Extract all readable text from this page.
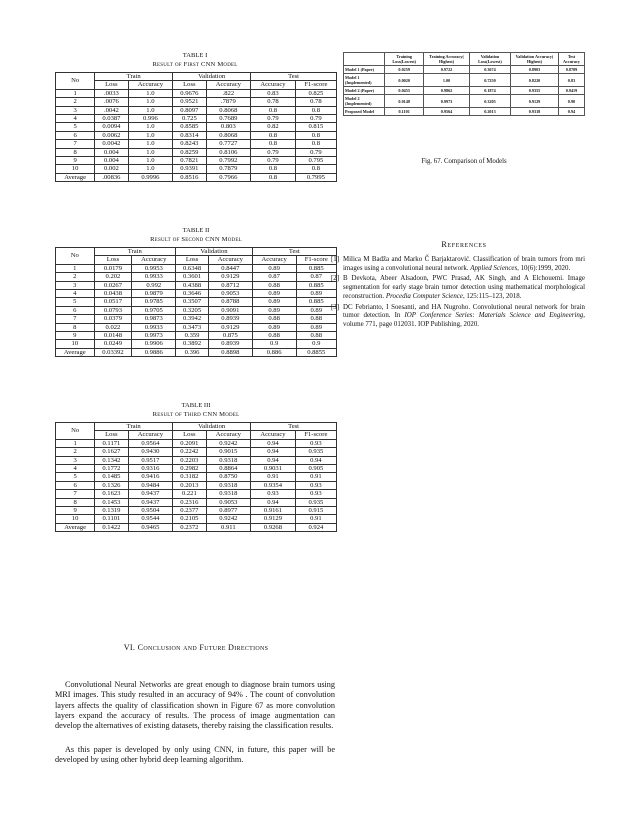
TABLE I
Result of First CNN Model
No	Train		Validation		Test	
	Loss	Accuracy	Loss	Accuracy	Accuracy	F1-score
1	.0033	1.0	0.9676	.822	0.83	0.825
2	.0076	1.0	0.9521	.7879	0.78	0.78
3	.0042	1.0	0.8097	0.8068	0.8	0.8
4	0.0387	0.996	0.725	0.7689	0.79	0.79
5	0.0094	1.0	0.8585	0.803	0.82	0.815
6	0.0062	1.0	0.8314	0.8068	0.8	0.8
7	0.0042	1.0	0.8243	0.7727	0.8	0.8
8	0.004	1.0	0.8259	0.8106	0.79	0.79
9	0.004	1.0	0.7821	0.7992	0.79	0.795
10	0.002	1.0	0.9391	0.7879	0.8	0.8
Average	.00836	0.9996	0.8516	0.7966	0.8	0.7995
TABLE II
Result of Second CNN Model
No	Train		Validation		Test	
	Loss	Accuracy	Loss	Accuracy	Accuracy	F1-score
1	0.0179	0.9953	0.6348	0.8447	0.89	0.885
2	0.202	0.9933	0.3601	0.9129	0.87	0.87
3	0.0267	0.992	0.4388	0.8712	0.88	0.885
4	0.0438	0.9879	0.3646	0.9053	0.89	0.89
5	0.0517	0.9785	0.3507	0.8788	0.89	0.885
6	0.0793	0.9705	0.3205	0.9091	0.89	0.89
7	0.0379	0.9873	0.3942	0.8939	0.88	0.88
8	0.022	0.9933	0.3473	0.9129	0.89	0.89
9	0.0148	0.9973	0.359	0.875	0.88	0.88
10	0.0249	0.9906	0.3892	0.8939	0.9	0.9
Average	0.03392	0.9886	0.396	0.8898	0.886	0.8855
TABLE III
Result of Third CNN Model
No	Train		Validation		Test	
	Loss	Accuracy	Loss	Accuracy	Accuracy	F1-score
1	0.1171	0.9564	0.2091	0.9242	0.94	0.93
2	0.1627	0.9430	0.2242	0.9015	0.94	0.935
3	0.1342	0.9517	0.2203	0.9318	0.94	0.94
4	0.1772	0.9316	0.2982	0.8864	0.9031	0.905
5	0.1485	0.9416	0.3182	0.8750	0.91	0.91
6	0.1326	0.9484	0.2013	0.9318	0.9354	0.93
7	0.1623	0.9437	0.221	0.9318	0.93	0.93
8	0.1453	0.9437	0.2316	0.9053	0.94	0.935
9	0.1319	0.9504	0.2377	0.8977	0.9161	0.915
10	0.1101	0.9544	0.2105	0.9242	0.9129	0.91
Average	0.1422	0.9465	0.2372	0.911	0.9268	0.924
VI. Conclusion and Future Directions

Convolutional Neural Networks are great enough to diagnose brain tumors using MRI images. This study resulted in an accuracy of 94% . The count of convolution layers affects the quality of classification shown in Figure 67 as more convolution layers expand the accuracy of results. The process of image augmentation can develop the alternatives of existing datasets, thereby raising the classification results.

As this paper is developed by only using CNN, in future, this paper will be developed by using other hybrid deep learning algorithm.

	Training Loss(Lowest)	Training Accuracy( Highest)	Validation Loss(Lowest)	Validation Accuracy( Highest)	Test Accuracy
Model 1 (Paper)	0.0259	0.9722	0.3674	0.8903	0.8709
Model 1 (Implemented)	0.0020	1.00	0.7250	0.8220	0.83
Model 2 (Paper)	0.0455	0.9862	0.1874	0.9355	0.9419
Model 2 (Implemented)	0.0148	0.9973	0.3205	0.9129	0.90
Proposed Model	0.1101	0.9564	0.2013	0.9318	0.94
Fig. 67. Comparison of Models
References
[1] Milica M Badža and Marko Č Barjaktarović. Classification of brain tumors from mri images using a convolutional neural network. Applied Sciences, 10(6):1999, 2020.
[2] B Devkota, Abeer Alsadoon, PWC Prasad, AK Singh, and A Elchouemi. Image segmentation for early stage brain tumor detection using mathematical morphological reconstruction. Procedia Computer Science, 125:115–123, 2018.
[3] DC Febrianto, I Soesanti, and HA Nugroho. Convolutional neural network for brain tumor detection. In IOP Conference Series: Materials Science and Engineering, volume 771, page 012031. IOP Publishing, 2020.
